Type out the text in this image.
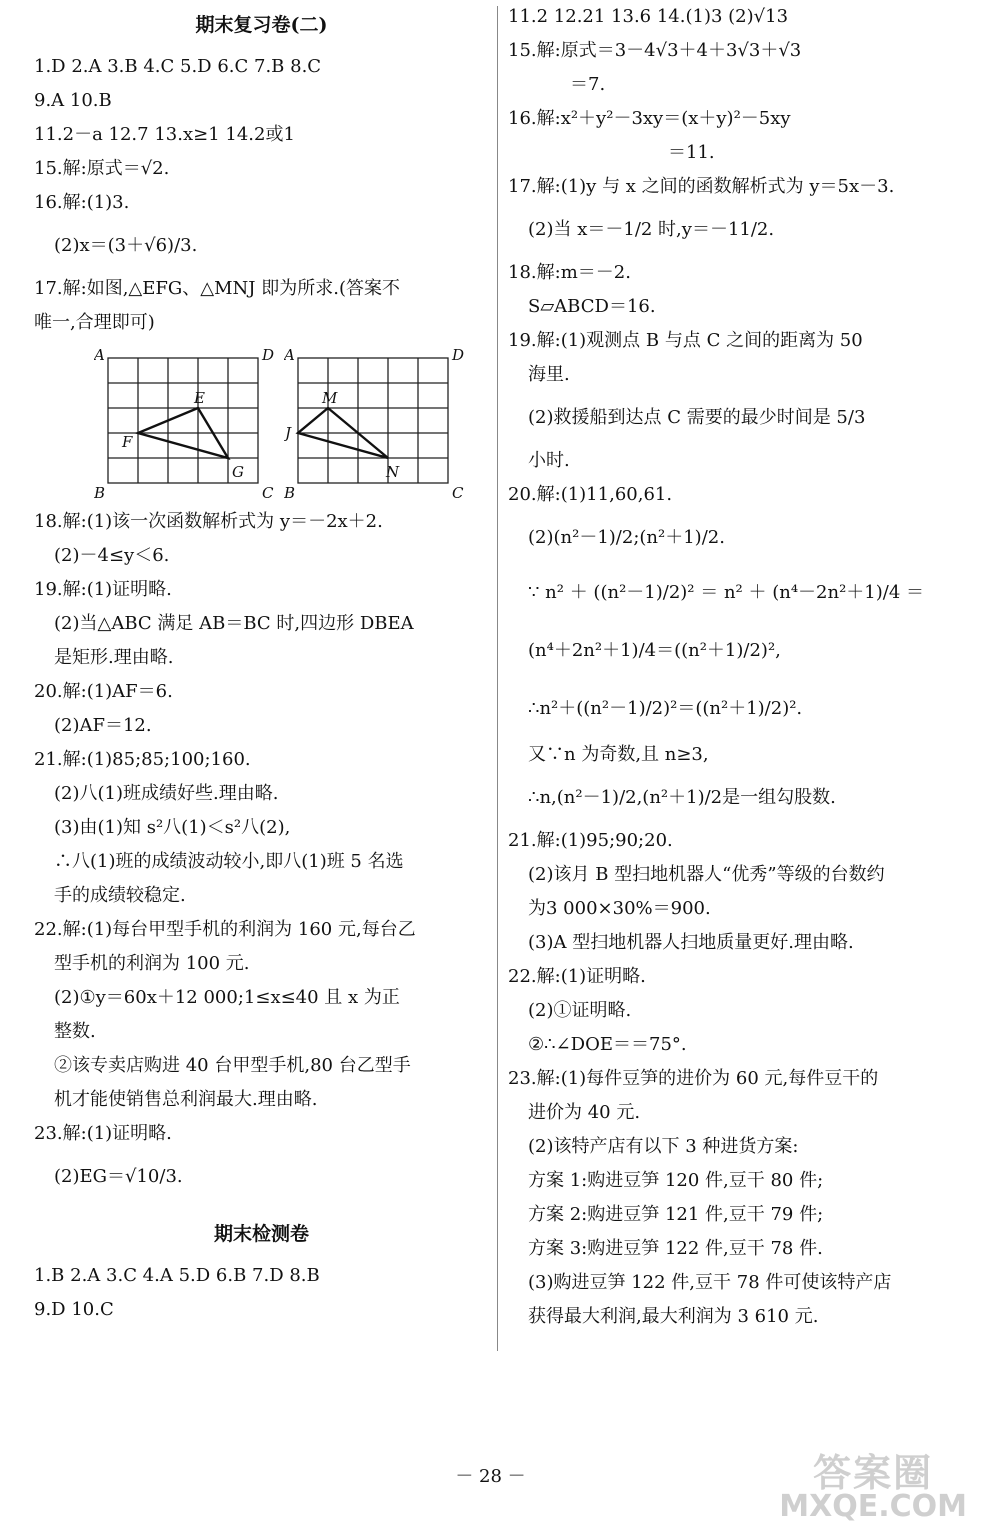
期末复习卷(二)
1.D 2.A 3.B 4.C 5.D 6.C 7.B 8.C
9.A 10.B
11.2－a 12.7 13.x≥1 14.2或1
15.解:原式＝√2.
16.解:(1)3.
(2)x＝(3＋√6)/3.
17.解:如图,△EFG、△MNJ 即为所求.(答案不
唯一,合理即可)
A	D
B	C
E
F
G
A	D
B	C
M
J
N
18.解:(1)该一次函数解析式为 y＝－2x＋2.
(2)－4≤y＜6.
19.解:(1)证明略.
(2)当△ABC 满足 AB＝BC 时,四边形 DBEA
是矩形.理由略.
20.解:(1)AF＝6.
(2)AF＝12.
21.解:(1)85;85;100;160.
(2)八(1)班成绩好些.理由略.
(3)由(1)知 s²八(1)＜s²八(2),
∴八(1)班的成绩波动较小,即八(1)班 5 名选
手的成绩较稳定.
22.解:(1)每台甲型手机的利润为 160 元,每台乙
型手机的利润为 100 元.
(2)①y＝60x＋12 000;1≤x≤40 且 x 为正
整数.
②该专卖店购进 40 台甲型手机,80 台乙型手
机才能使销售总利润最大.理由略.
23.解:(1)证明略.
(2)EG＝√10/3.
期末检测卷
1.B 2.A 3.C 4.A 5.D 6.B 7.D 8.B
9.D 10.C
11.2 12.21 13.6 14.(1)3 (2)√13
15.解:原式＝3－4√3＋4＋3√3＋√3
＝7.
16.解:x²＋y²－3xy＝(x＋y)²－5xy
＝11.
17.解:(1)y 与 x 之间的函数解析式为 y＝5x－3.
(2)当 x＝－1/2 时,y＝－11/2.
18.解:m＝－2.
S▱ABCD＝16.
19.解:(1)观测点 B 与点 C 之间的距离为 50
海里.
(2)救援船到达点 C 需要的最少时间是 5/3
小时.
20.解:(1)11,60,61.
(2)(n²－1)/2;(n²＋1)/2.
∵ n² ＋ ((n²－1)/2)² ＝ n² ＋ (n⁴－2n²＋1)/4 ＝
(n⁴＋2n²＋1)/4＝((n²＋1)/2)²,
∴n²＋((n²－1)/2)²＝((n²＋1)/2)².
又∵n 为奇数,且 n≥3,
∴n,(n²－1)/2,(n²＋1)/2是一组勾股数.
21.解:(1)95;90;20.
(2)该月 B 型扫地机器人“优秀”等级的台数约
为3 000×30%＝900.
(3)A 型扫地机器人扫地质量更好.理由略.
22.解:(1)证明略.
(2)①证明略.
②∴∠DOE＝＝75°.
23.解:(1)每件豆笋的进价为 60 元,每件豆干的
进价为 40 元.
(2)该特产店有以下 3 种进货方案:
方案 1:购进豆笋 120 件,豆干 80 件;
方案 2:购进豆笋 121 件,豆干 79 件;
方案 3:购进豆笋 122 件,豆干 78 件.
(3)购进豆笋 122 件,豆干 78 件可使该特产店
获得最大利润,最大利润为 3 610 元.
－ 28 －	答案圈
MXQE.COM
